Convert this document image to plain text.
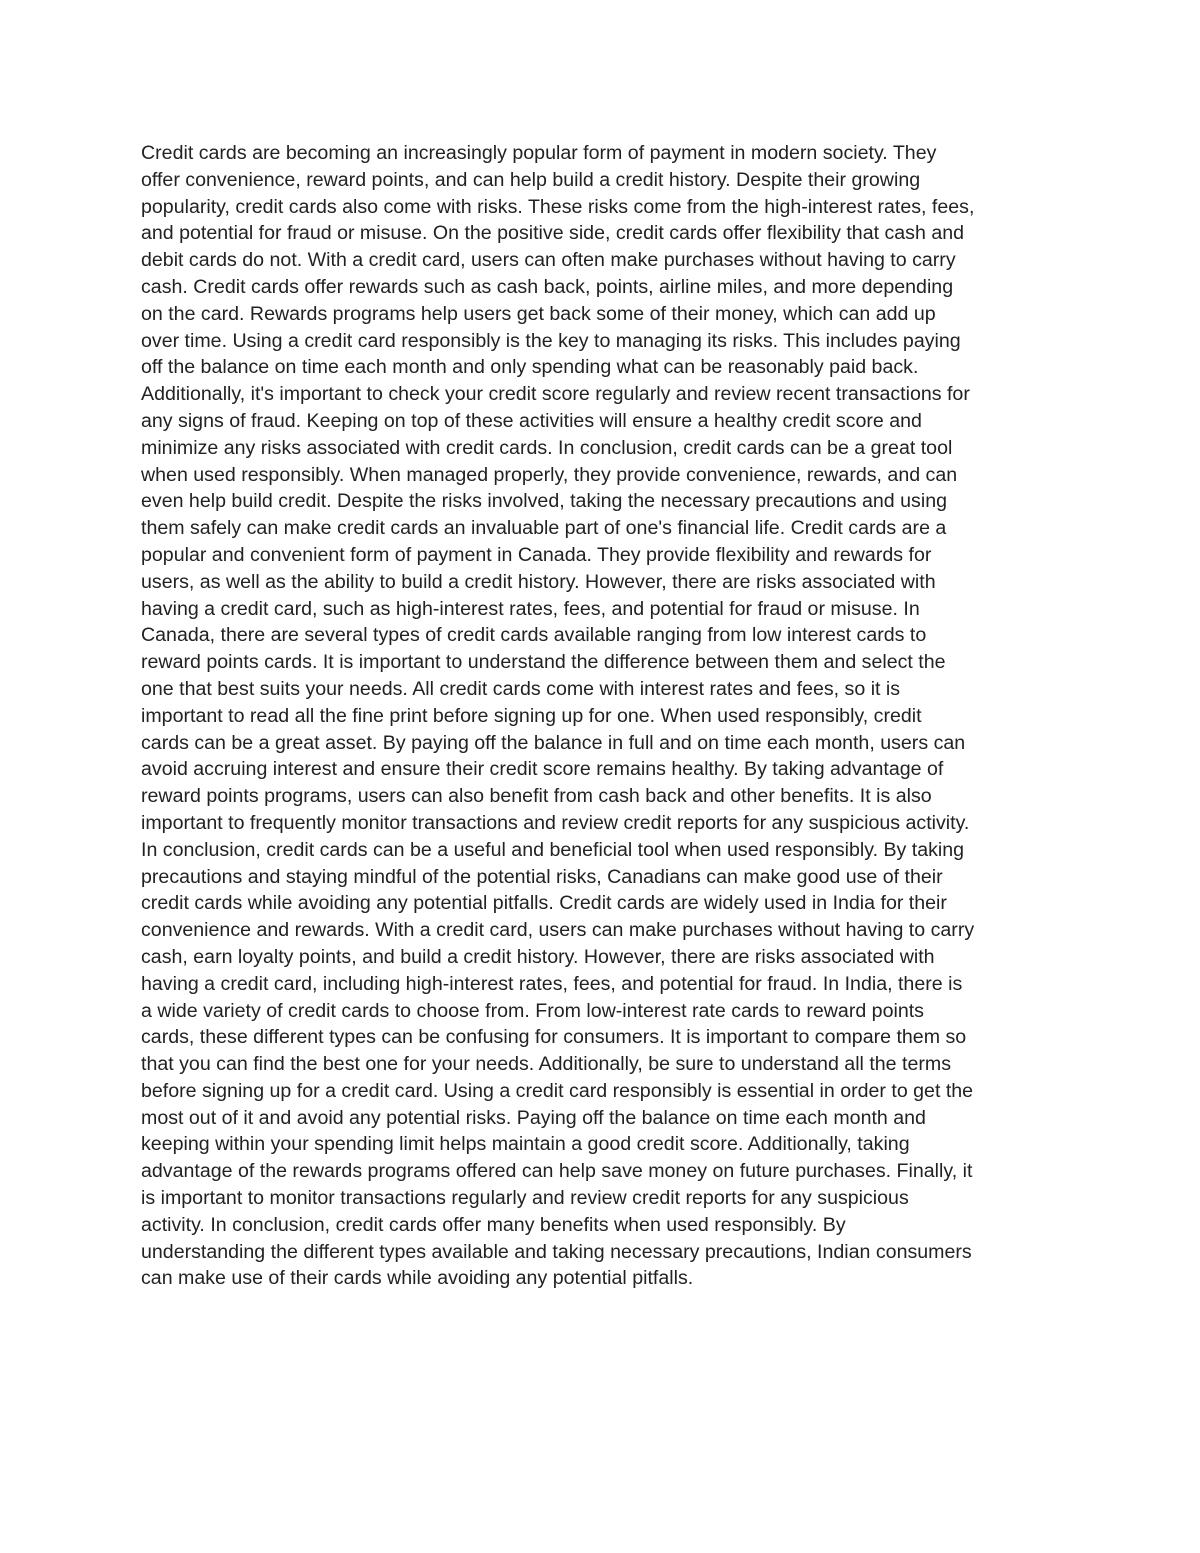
Credit cards are becoming an increasingly popular form of payment in modern society. They
offer convenience, reward points, and can help build a credit history. Despite their growing
popularity, credit cards also come with risks. These risks come from the high-interest rates, fees,
and potential for fraud or misuse. On the positive side, credit cards offer flexibility that cash and
debit cards do not. With a credit card, users can often make purchases without having to carry
cash. Credit cards offer rewards such as cash back, points, airline miles, and more depending
on the card. Rewards programs help users get back some of their money, which can add up
over time. Using a credit card responsibly is the key to managing its risks. This includes paying
off the balance on time each month and only spending what can be reasonably paid back.
Additionally, it's important to check your credit score regularly and review recent transactions for
any signs of fraud. Keeping on top of these activities will ensure a healthy credit score and
minimize any risks associated with credit cards. In conclusion, credit cards can be a great tool
when used responsibly. When managed properly, they provide convenience, rewards, and can
even help build credit. Despite the risks involved, taking the necessary precautions and using
them safely can make credit cards an invaluable part of one's financial life. Credit cards are a
popular and convenient form of payment in Canada. They provide flexibility and rewards for
users, as well as the ability to build a credit history. However, there are risks associated with
having a credit card, such as high-interest rates, fees, and potential for fraud or misuse. In
Canada, there are several types of credit cards available ranging from low interest cards to
reward points cards. It is important to understand the difference between them and select the
one that best suits your needs. All credit cards come with interest rates and fees, so it is
important to read all the fine print before signing up for one. When used responsibly, credit
cards can be a great asset. By paying off the balance in full and on time each month, users can
avoid accruing interest and ensure their credit score remains healthy. By taking advantage of
reward points programs, users can also benefit from cash back and other benefits. It is also
important to frequently monitor transactions and review credit reports for any suspicious activity.
In conclusion, credit cards can be a useful and beneficial tool when used responsibly. By taking
precautions and staying mindful of the potential risks, Canadians can make good use of their
credit cards while avoiding any potential pitfalls. Credit cards are widely used in India for their
convenience and rewards. With a credit card, users can make purchases without having to carry
cash, earn loyalty points, and build a credit history. However, there are risks associated with
having a credit card, including high-interest rates, fees, and potential for fraud. In India, there is
a wide variety of credit cards to choose from. From low-interest rate cards to reward points
cards, these different types can be confusing for consumers. It is important to compare them so
that you can find the best one for your needs. Additionally, be sure to understand all the terms
before signing up for a credit card. Using a credit card responsibly is essential in order to get the
most out of it and avoid any potential risks. Paying off the balance on time each month and
keeping within your spending limit helps maintain a good credit score. Additionally, taking
advantage of the rewards programs offered can help save money on future purchases. Finally, it
is important to monitor transactions regularly and review credit reports for any suspicious
activity. In conclusion, credit cards offer many benefits when used responsibly. By
understanding the different types available and taking necessary precautions, Indian consumers
can make use of their cards while avoiding any potential pitfalls.
